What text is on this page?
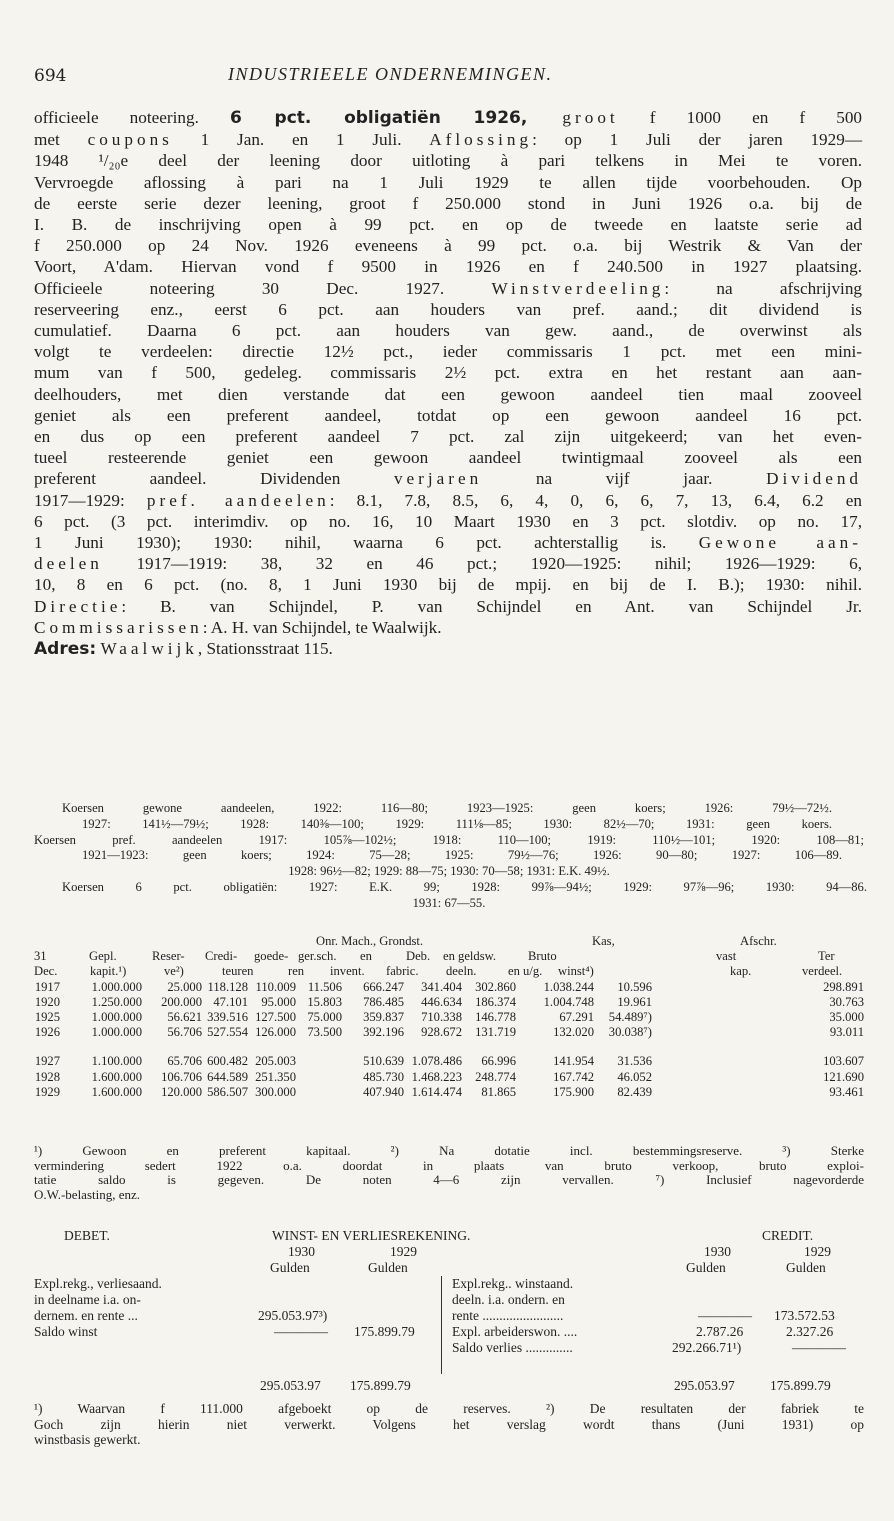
694	INDUSTRIEELE ONDERNEMINGEN.
officieele noteering. 6 pct. obligatiën 1926, groot f 1000 en f 500
met coupons 1 Jan. en 1 Juli. Aflossing: op 1 Juli der jaren 1929—
1948 ¹/₂₀e deel der leening door uitloting à pari telkens in Mei te voren.
Vervroegde aflossing à pari na 1 Juli 1929 te allen tijde voorbehouden. Op
de eerste serie dezer leening, groot f 250.000 stond in Juni 1926 o.a. bij de
I. B. de inschrijving open à 99 pct. en op de tweede en laatste serie ad
f 250.000 op 24 Nov. 1926 eveneens à 99 pct. o.a. bij Westrik & Van der
Voort, A'dam. Hiervan vond f 9500 in 1926 en f 240.500 in 1927 plaatsing.
Officieele noteering 30 Dec. 1927.	Winstverdeeling: na afschrijving
reserveering enz., eerst 6 pct. aan houders van pref. aand.; dit dividend is
cumulatief. Daarna 6 pct. aan houders van gew. aand., de overwinst als
volgt te verdeelen: directie 12½ pct., ieder commissaris 1 pct. met een mini-
mum van f 500, gedeleg. commissaris 2½ pct. extra en het restant aan aan-
deelhouders, met dien verstande dat een gewoon aandeel tien maal zooveel
geniet als een preferent aandeel, totdat op een gewoon aandeel 16 pct.
en dus op een preferent aandeel 7 pct. zal zijn uitgekeerd; van het even-
tueel resteerende geniet een gewoon aandeel twintigmaal zooveel als een
preferent aandeel. Dividenden	verjaren	na vijf jaar.	Dividend
1917—1929: pref. aandeelen: 8.1, 7.8, 8.5, 6, 4, 0, 6, 6, 7, 13, 6.4, 6.2 en
6 pct. (3 pct. interimdiv. op no. 16, 10 Maart 1930 en 3 pct. slotdiv. op no. 17,
1 Juni 1930); 1930: nihil, waarna 6 pct. achterstallig is. Gewone aan-
deelen 1917—1919: 38, 32 en 46 pct.; 1920—1925: nihil; 1926—1929: 6,
10, 8 en 6 pct. (no. 8, 1 Juni 1930 bij de mpij. en bij de I. B.); 1930: nihil.
Directie: B. van Schijndel, P. van Schijndel en Ant. van Schijndel Jr.
Commissarissen: A. H. van Schijndel, te Waalwijk.
Adres: Waalwijk, Stationsstraat 115.
Koersen gewone aandeelen, 1922: 116—80; 1923—1925: geen koers; 1926: 79½—72½.
1927: 141½—79½; 1928: 140⅜—100; 1929: 111⅛—85; 1930: 82½—70; 1931: geen koers.
Koersen pref. aandeelen 1917: 105⅞—102½; 1918: 110—100; 1919: 110½—101; 1920: 108—81;
1921—1923: geen koers; 1924: 75—28; 1925: 79½—76; 1926: 90—80; 1927: 106—89.
1928: 96½—82; 1929: 88—75; 1930: 70—58; 1931: E.K. 49½.
Koersen 6 pct. obligatiën: 1927: E.K. 99; 1928: 99⅞—94½; 1929: 97⅞—96; 1930: 94—86.
1931: 67—55.
Onr. Mach., Grondst.	Kas,	Afschr.
31	Gepl.	Reser- Credi- goede- ger.sch. en	Deb. en geldsw.	Bruto	vast	Ter
Dec.	kapit.¹)	ve²)	teuren	ren invent. fabric. deeln.	en u/g. winst⁴)	kap.	verdeel.
1917	1.000.000 25.000 118.128 110.009 11.506 666.247 341.404 302.860 1.038.244 10.596	298.891
1920	1.250.000 200.000 47.101 95.000 15.803 786.485 446.634 186.374 1.004.748 19.961	30.763
1925	1.000.000 56.621 339.516 127.500 75.000 359.837 710.338 146.778	67.291 54.489⁷)	35.000
1926	1.000.000 56.706 527.554 126.000 73.500 392.196 928.672 131.719	132.020 30.038⁷)	93.011
1927	1.100.000 65.706 600.482 205.003	510.639 1.078.486 66.996	141.954 31.536	103.607
1928	1.600.000 106.706 644.589 251.350	485.730 1.468.223 248.774	167.742 46.052	121.690
1929	1.600.000 120.000 586.507 300.000	407.940 1.614.474 81.865	175.900 82.439	93.461
¹) Gewoon en preferent kapitaal. ²) Na dotatie incl. bestemmingsreserve. ³) Sterke
vermindering sedert 1922 o.a. doordat in plaats van bruto verkoop, bruto exploi-
tatie saldo is gegeven. De noten 4—6 zijn vervallen. ⁷) Inclusief nagevorderde
O.W.-belasting, enz.
DEBET.	WINST- EN VERLIESREKENING.	CREDIT.
1930	1929
Gulden	Gulden
1930	1929
Gulden	Gulden
Expl.rekg., verliesaand.
in deelname i.a. on-
dernem. en rente ...	295.053.97³)
Saldo winst	———— 175.899.79
Expl.rekg.. winstaand.
deeln. i.a. ondern. en
rente ........................	———— 173.572.53
Expl. arbeiderswon. ....	2.787.26	2.327.26
Saldo verlies ..............	292.266.71¹)	————
295.053.97 175.899.79	295.053.97	175.899.79
¹) Waarvan f 111.000 afgeboekt op de reserves. ²) De resultaten der fabriek te
Goch zijn hierin niet verwerkt. Volgens het verslag wordt thans (Juni 1931) op
winstbasis gewerkt.
